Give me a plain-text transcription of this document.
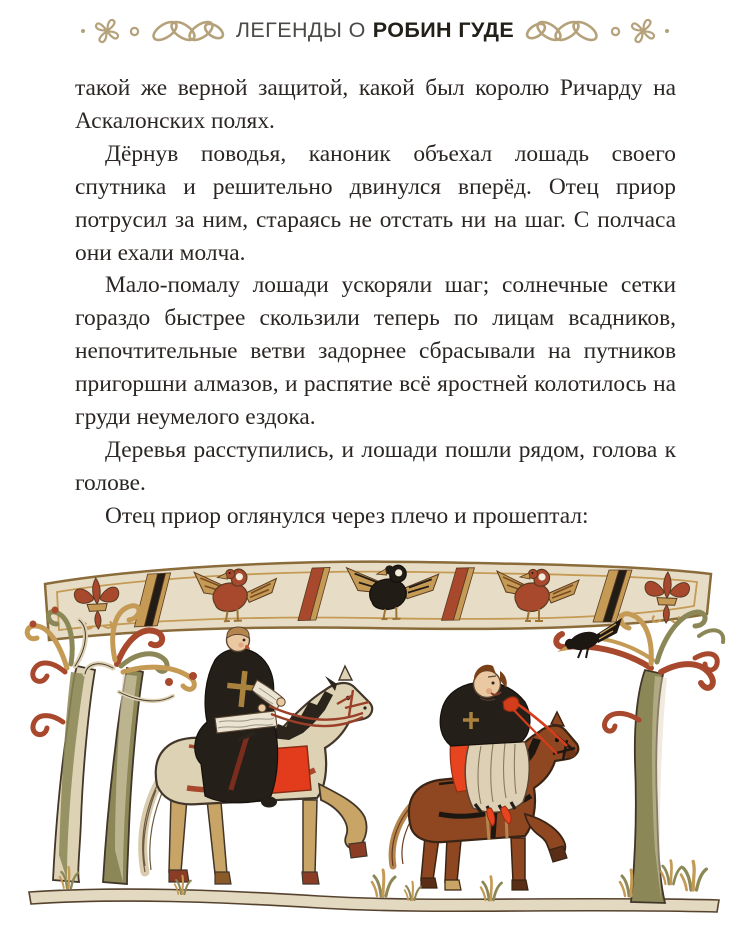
ЛЕГЕНДЫ О РОБИН ГУДЕ

такой же верной защитой, какой был королю Ричарду на Аскалонских полях.

Дёрнув поводья, каноник объехал лошадь своего спутника и решительно двинулся вперёд. Отец приор потрусил за ним, стараясь не отстать ни на шаг. С полчаса они ехали молча.

Мало-помалу лошади ускоряли шаг; солнечные сетки гораздо быстрее скользили теперь по лицам всадников, непочтительные ветви задорнее сбрасывали на путников пригоршни алмазов, и распятие всё яростней колотилось на груди неумелого ездока.

Деревья расступились, и лошади пошли рядом, голова к голове.

Отец приор оглянулся через плечо и прошептал:
